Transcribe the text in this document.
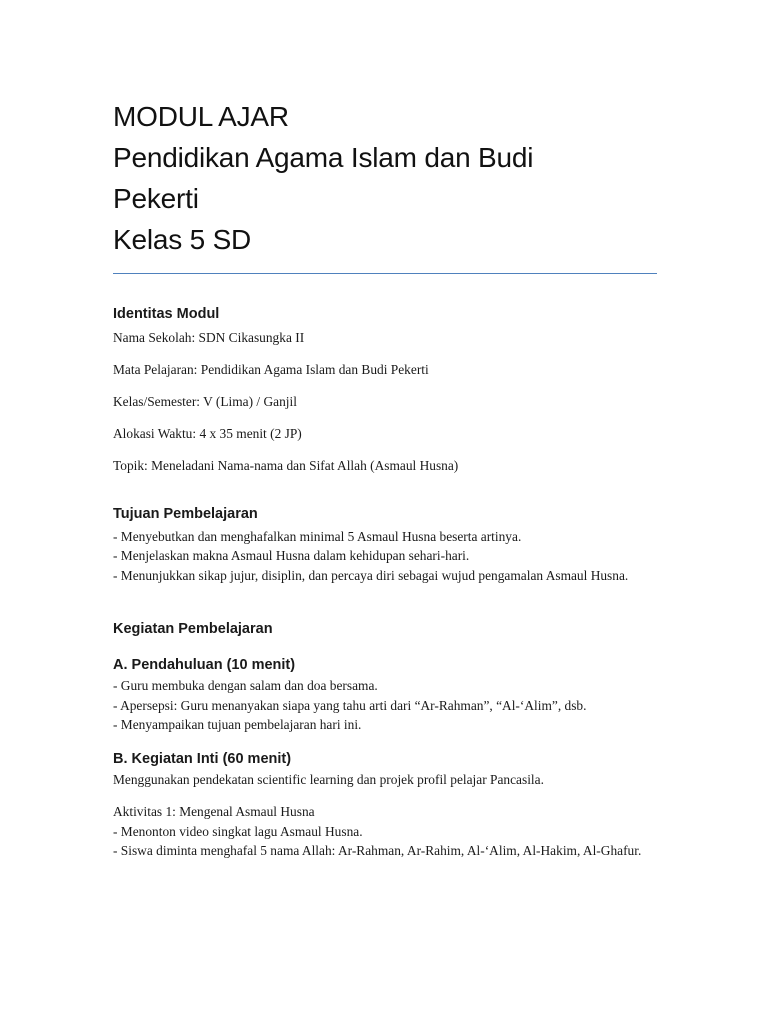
MODUL AJAR

Pendidikan Agama Islam dan Budi

Pekerti

Kelas 5 SD

Identitas Modul

Nama Sekolah: SDN Cikasungka II

Mata Pelajaran: Pendidikan Agama Islam dan Budi Pekerti

Kelas/Semester: V (Lima) / Ganjil

Alokasi Waktu: 4 x 35 menit (2 JP)

Topik: Meneladani Nama-nama dan Sifat Allah (Asmaul Husna)

Tujuan Pembelajaran

- Menyebutkan dan menghafalkan minimal 5 Asmaul Husna beserta artinya.

- Menjelaskan makna Asmaul Husna dalam kehidupan sehari-hari.

- Menunjukkan sikap jujur, disiplin, dan percaya diri sebagai wujud pengamalan Asmaul Husna.

Kegiatan Pembelajaran

A. Pendahuluan (10 menit)

- Guru membuka dengan salam dan doa bersama.

- Apersepsi: Guru menanyakan siapa yang tahu arti dari “Ar-Rahman”, “Al-‘Alim”, dsb.

- Menyampaikan tujuan pembelajaran hari ini.

B. Kegiatan Inti (60 menit)

Menggunakan pendekatan scientific learning dan projek profil pelajar Pancasila.

Aktivitas 1: Mengenal Asmaul Husna

- Menonton video singkat lagu Asmaul Husna.

- Siswa diminta menghafal 5 nama Allah: Ar-Rahman, Ar-Rahim, Al-‘Alim, Al-Hakim, Al-Ghafur.
